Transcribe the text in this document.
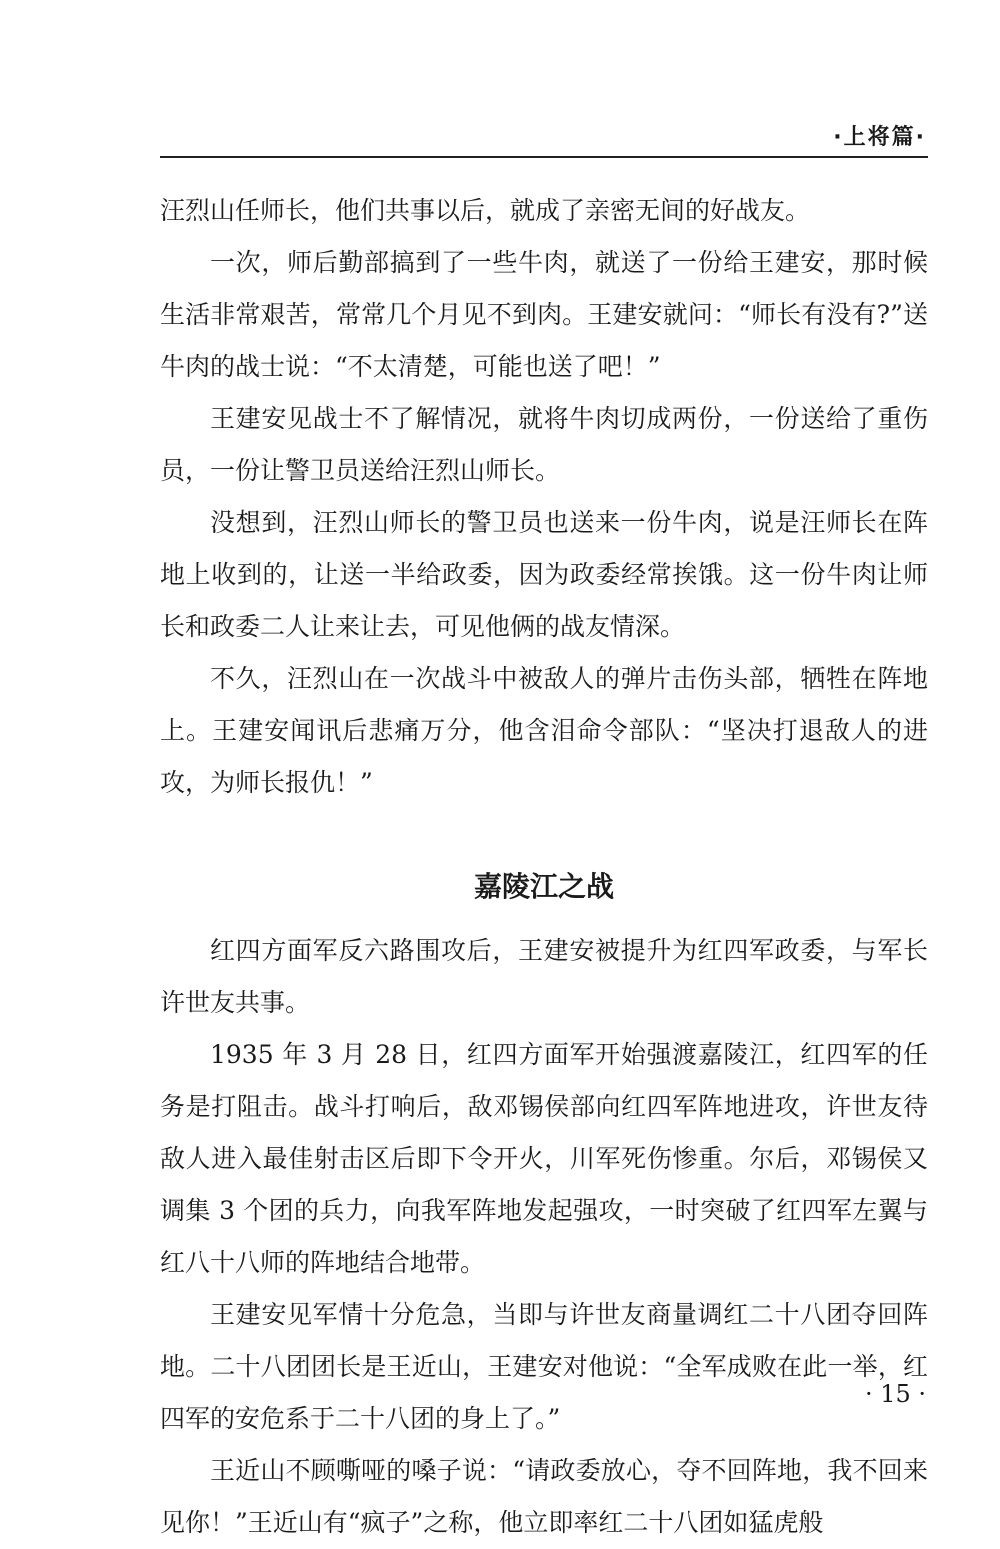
·上将篇·

汪烈山任师长，他们共事以后，就成了亲密无间的好战友。

一次，师后勤部搞到了一些牛肉，就送了一份给王建安，那时候生活非常艰苦，常常几个月见不到肉。王建安就问：“师长有没有?”送牛肉的战士说：“不太清楚，可能也送了吧！”

王建安见战士不了解情况，就将牛肉切成两份，一份送给了重伤员，一份让警卫员送给汪烈山师长。

没想到，汪烈山师长的警卫员也送来一份牛肉，说是汪师长在阵地上收到的，让送一半给政委，因为政委经常挨饿。这一份牛肉让师长和政委二人让来让去，可见他俩的战友情深。

不久，汪烈山在一次战斗中被敌人的弹片击伤头部，牺牲在阵地上。王建安闻讯后悲痛万分，他含泪命令部队：“坚决打退敌人的进攻，为师长报仇！”

嘉陵江之战

红四方面军反六路围攻后，王建安被提升为红四军政委，与军长许世友共事。

1935 年 3 月 28 日，红四方面军开始强渡嘉陵江，红四军的任务是打阻击。战斗打响后，敌邓锡侯部向红四军阵地进攻，许世友待敌人进入最佳射击区后即下令开火，川军死伤惨重。尔后，邓锡侯又调集 3 个团的兵力，向我军阵地发起强攻，一时突破了红四军左翼与红八十八师的阵地结合地带。

王建安见军情十分危急，当即与许世友商量调红二十八团夺回阵地。二十八团团长是王近山，王建安对他说：“全军成败在此一举，红四军的安危系于二十八团的身上了。”

王近山不顾嘶哑的嗓子说：“请政委放心，夺不回阵地，我不回来见你！”王近山有“疯子”之称，他立即率红二十八团如猛虎般

· 15 ·
